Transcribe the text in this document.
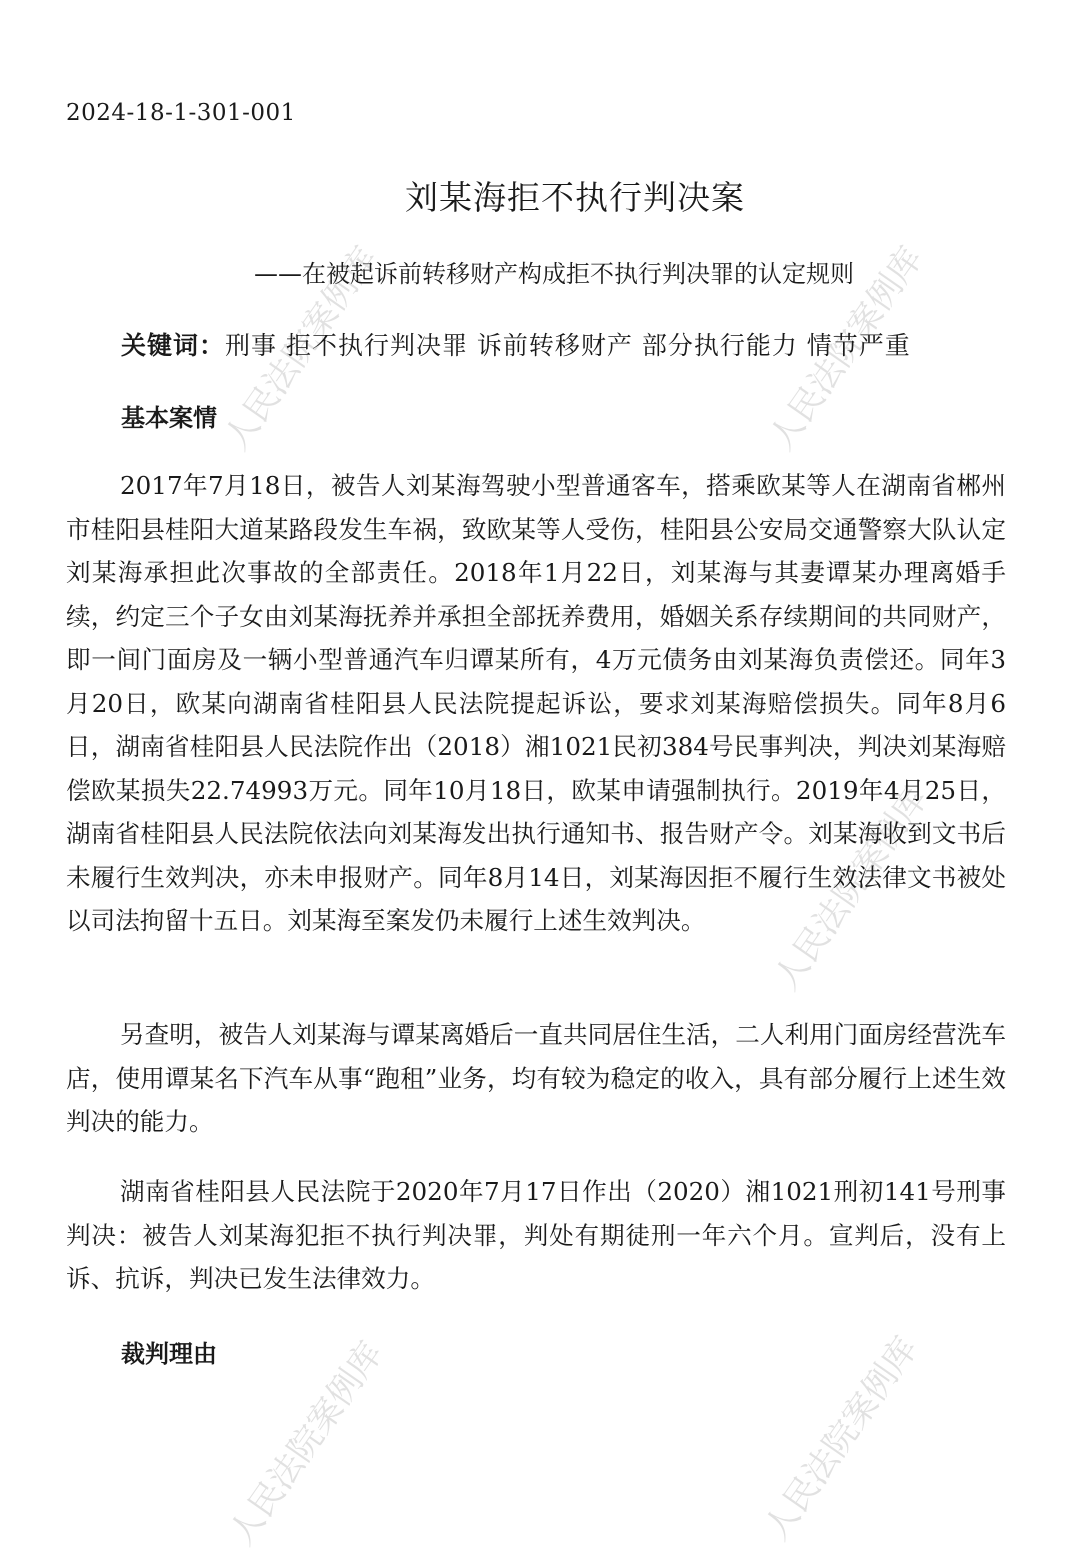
人民法院案例库	人民法院案例库
人民法院案例库
人民法院案例库	人民法院案例库
2024-18-1-301-001
刘某海拒不执行判决案
——在被起诉前转移财产构成拒不执行判决罪的认定规则
关键词：刑事 拒不执行判决罪 诉前转移财产 部分执行能力 情节严重
基本案情
2017年7月18日，被告人刘某海驾驶小型普通客车，搭乘欧某等人在湖南省郴州市桂阳县桂阳大道某路段发生车祸，致欧某等人受伤，桂阳县公安局交通警察大队认定刘某海承担此次事故的全部责任。2018年1月22日，刘某海与其妻谭某办理离婚手续，约定三个子女由刘某海抚养并承担全部抚养费用，婚姻关系存续期间的共同财产，即一间门面房及一辆小型普通汽车归谭某所有，4万元债务由刘某海负责偿还。同年3月20日，欧某向湖南省桂阳县人民法院提起诉讼，要求刘某海赔偿损失。同年8月6日，湖南省桂阳县人民法院作出（2018）湘1021民初384号民事判决，判决刘某海赔偿欧某损失22.74993万元。同年10月18日，欧某申请强制执行。2019年4月25日，湖南省桂阳县人民法院依法向刘某海发出执行通知书、报告财产令。刘某海收到文书后未履行生效判决，亦未申报财产。同年8月14日，刘某海因拒不履行生效法律文书被处以司法拘留十五日。刘某海至案发仍未履行上述生效判决。
另查明，被告人刘某海与谭某离婚后一直共同居住生活，二人利用门面房经营洗车店，使用谭某名下汽车从事“跑租”业务，均有较为稳定的收入，具有部分履行上述生效判决的能力。
湖南省桂阳县人民法院于2020年7月17日作出（2020）湘1021刑初141号刑事判决：被告人刘某海犯拒不执行判决罪，判处有期徒刑一年六个月。宣判后，没有上诉、抗诉，判决已发生法律效力。
裁判理由
